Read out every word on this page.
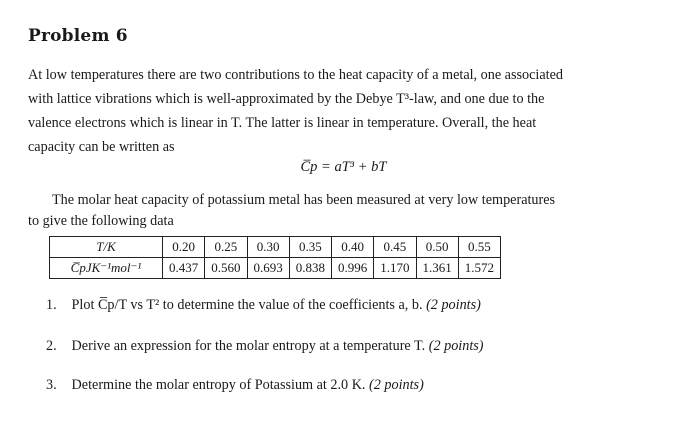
Problem 6
At low temperatures there are two contributions to the heat capacity of a metal, one associated
with lattice vibrations which is well-approximated by the Debye T³-law, and one due to the
valence electrons which is linear in T. The latter is linear in temperature. Overall, the heat
capacity can be written as
C̅p = aT³ + bT
The molar heat capacity of potassium metal has been measured at very low temperatures
to give the following data
T/K	0.20	0.25	0.30	0.35	0.40	0.45	0.50	0.55
C̅pJK⁻¹mol⁻¹	0.437	0.560	0.693	0.838	0.996	1.170	1.361	1.572
1. Plot C̅p/T vs T² to determine the value of the coefficients a, b. (2 points)
2. Derive an expression for the molar entropy at a temperature T. (2 points)
3. Determine the molar entropy of Potassium at 2.0 K. (2 points)
